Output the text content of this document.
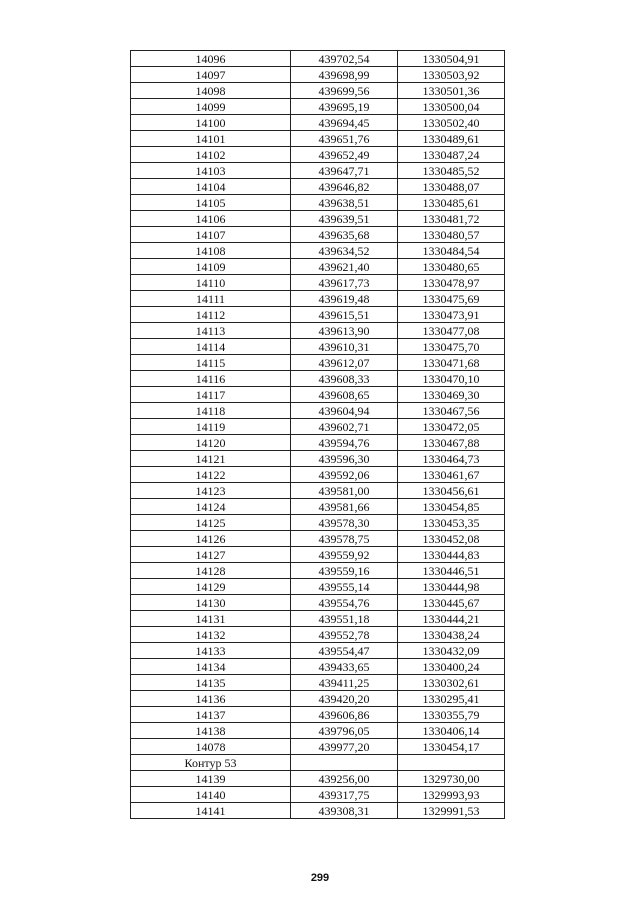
14096	439702,54	1330504,91
14097	439698,99	1330503,92
14098	439699,56	1330501,36
14099	439695,19	1330500,04
14100	439694,45	1330502,40
14101	439651,76	1330489,61
14102	439652,49	1330487,24
14103	439647,71	1330485,52
14104	439646,82	1330488,07
14105	439638,51	1330485,61
14106	439639,51	1330481,72
14107	439635,68	1330480,57
14108	439634,52	1330484,54
14109	439621,40	1330480,65
14110	439617,73	1330478,97
14111	439619,48	1330475,69
14112	439615,51	1330473,91
14113	439613,90	1330477,08
14114	439610,31	1330475,70
14115	439612,07	1330471,68
14116	439608,33	1330470,10
14117	439608,65	1330469,30
14118	439604,94	1330467,56
14119	439602,71	1330472,05
14120	439594,76	1330467,88
14121	439596,30	1330464,73
14122	439592,06	1330461,67
14123	439581,00	1330456,61
14124	439581,66	1330454,85
14125	439578,30	1330453,35
14126	439578,75	1330452,08
14127	439559,92	1330444,83
14128	439559,16	1330446,51
14129	439555,14	1330444,98
14130	439554,76	1330445,67
14131	439551,18	1330444,21
14132	439552,78	1330438,24
14133	439554,47	1330432,09
14134	439433,65	1330400,24
14135	439411,25	1330302,61
14136	439420,20	1330295,41
14137	439606,86	1330355,79
14138	439796,05	1330406,14
14078	439977,20	1330454,17
Контур 53		
14139	439256,00	1329730,00
14140	439317,75	1329993,93
14141	439308,31	1329991,53
299
